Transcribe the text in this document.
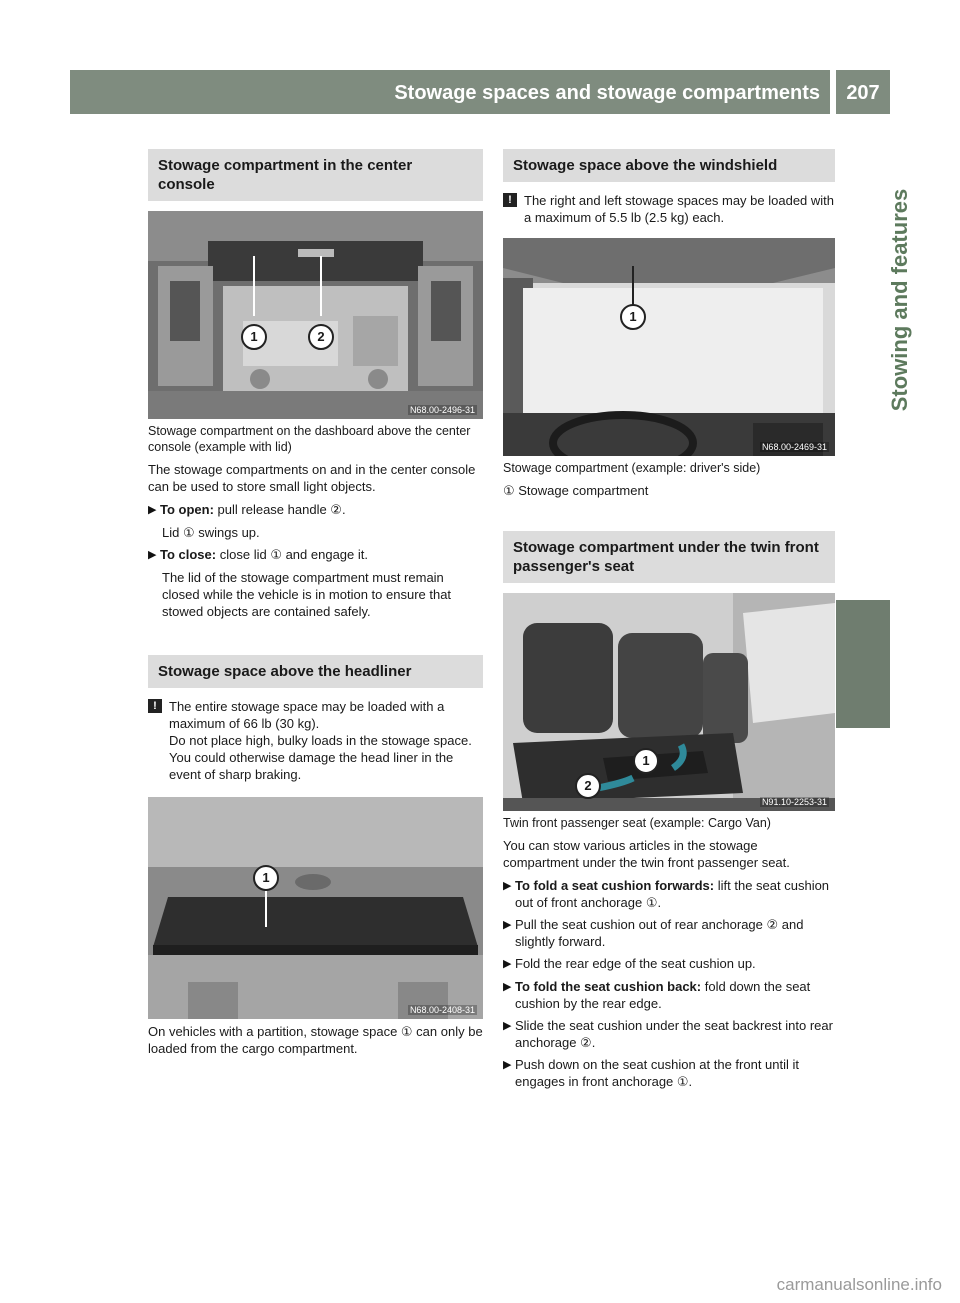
Stowage spaces and stowage compartments	207
Stowing and features
Stowage compartment in the center console
1	2
N68.00-2496-31
Stowage compartment on the dashboard above the center console (example with lid)
The stowage compartments on and in the center console can be used to store small light objects.
▶ To open: pull release handle ②.
Lid ① swings up.
▶ To close: close lid ① and engage it.
The lid of the stowage compartment must remain closed while the vehicle is in motion to ensure that stowed objects are contained safely.
Stowage space above the headliner
! The entire stowage space may be loaded with a maximum of 66 lb (30 kg).
Do not place high, bulky loads in the stowage space. You could otherwise damage the head liner in the event of sharp braking.
1
N68.00-2408-31
On vehicles with a partition, stowage space ① can only be loaded from the cargo compartment.
Stowage space above the windshield
! The right and left stowage spaces may be loaded with a maximum of 5.5 lb (2.5 kg) each.
1
N68.00-2469-31
Stowage compartment (example: driver's side)
① Stowage compartment
Stowage compartment under the twin front passenger's seat
1
2
N91.10-2253-31
Twin front passenger seat (example: Cargo Van)
You can stow various articles in the stowage compartment under the twin front passenger seat.
▶ To fold a seat cushion forwards: lift the seat cushion out of front anchorage ①.
▶ Pull the seat cushion out of rear anchorage ② and slightly forward.
▶ Fold the rear edge of the seat cushion up.
▶ To fold the seat cushion back: fold down the seat cushion by the rear edge.
▶ Slide the seat cushion under the seat backrest into rear anchorage ②.
▶ Push down on the seat cushion at the front until it engages in front anchorage ①.
carmanualsonline.info
